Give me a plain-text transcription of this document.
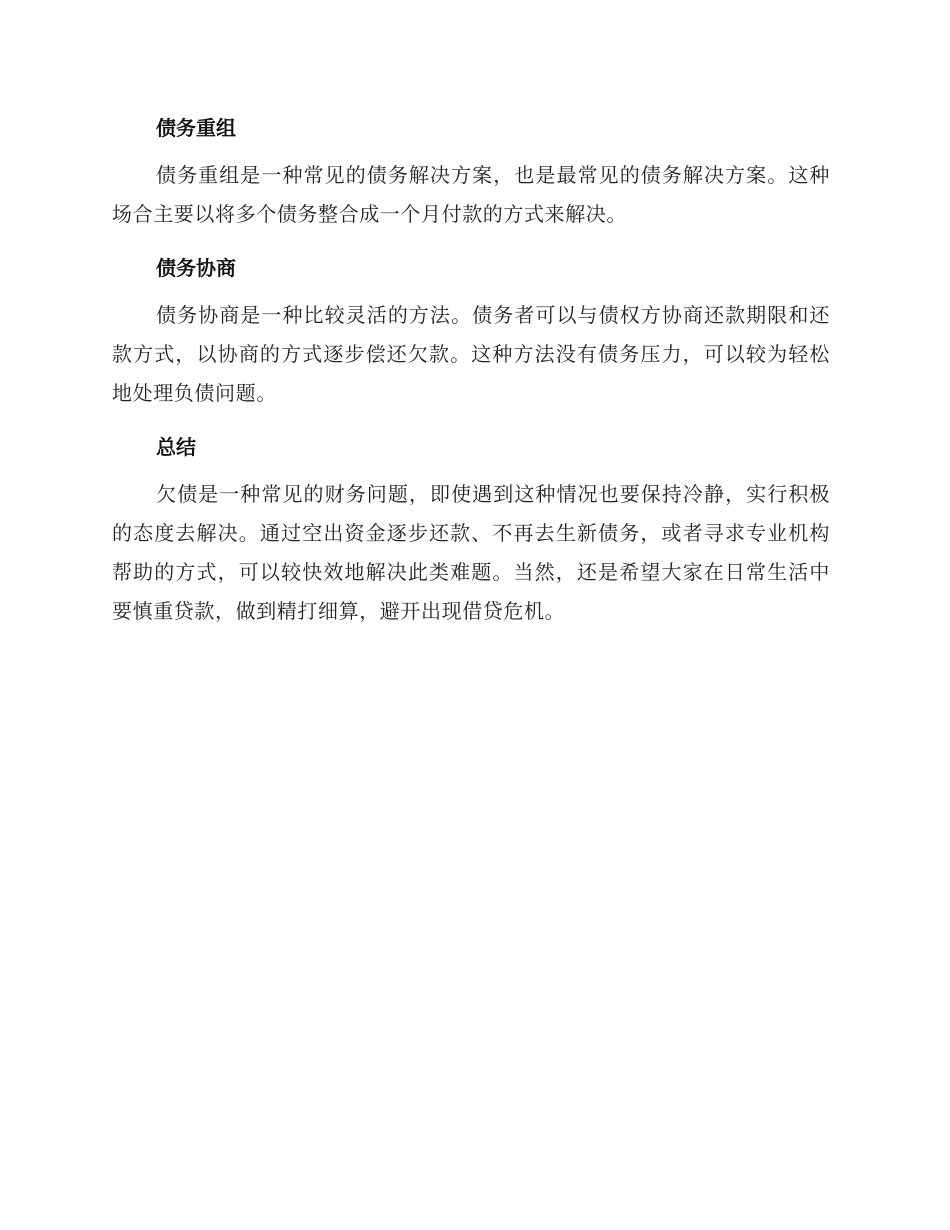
债务重组

债务重组是一种常见的债务解决方案，也是最常见的债务解决方案。这种场合主要以将多个债务整合成一个月付款的方式来解决。

债务协商

债务协商是一种比较灵活的方法。债务者可以与债权方协商还款期限和还款方式，以协商的方式逐步偿还欠款。这种方法没有债务压力，可以较为轻松地处理负债问题。

总结

欠债是一种常见的财务问题，即使遇到这种情况也要保持冷静，实行积极的态度去解决。通过空出资金逐步还款、不再去生新债务，或者寻求专业机构帮助的方式，可以较快效地解决此类难题。当然，还是希望大家在日常生活中要慎重贷款，做到精打细算，避开出现借贷危机。
